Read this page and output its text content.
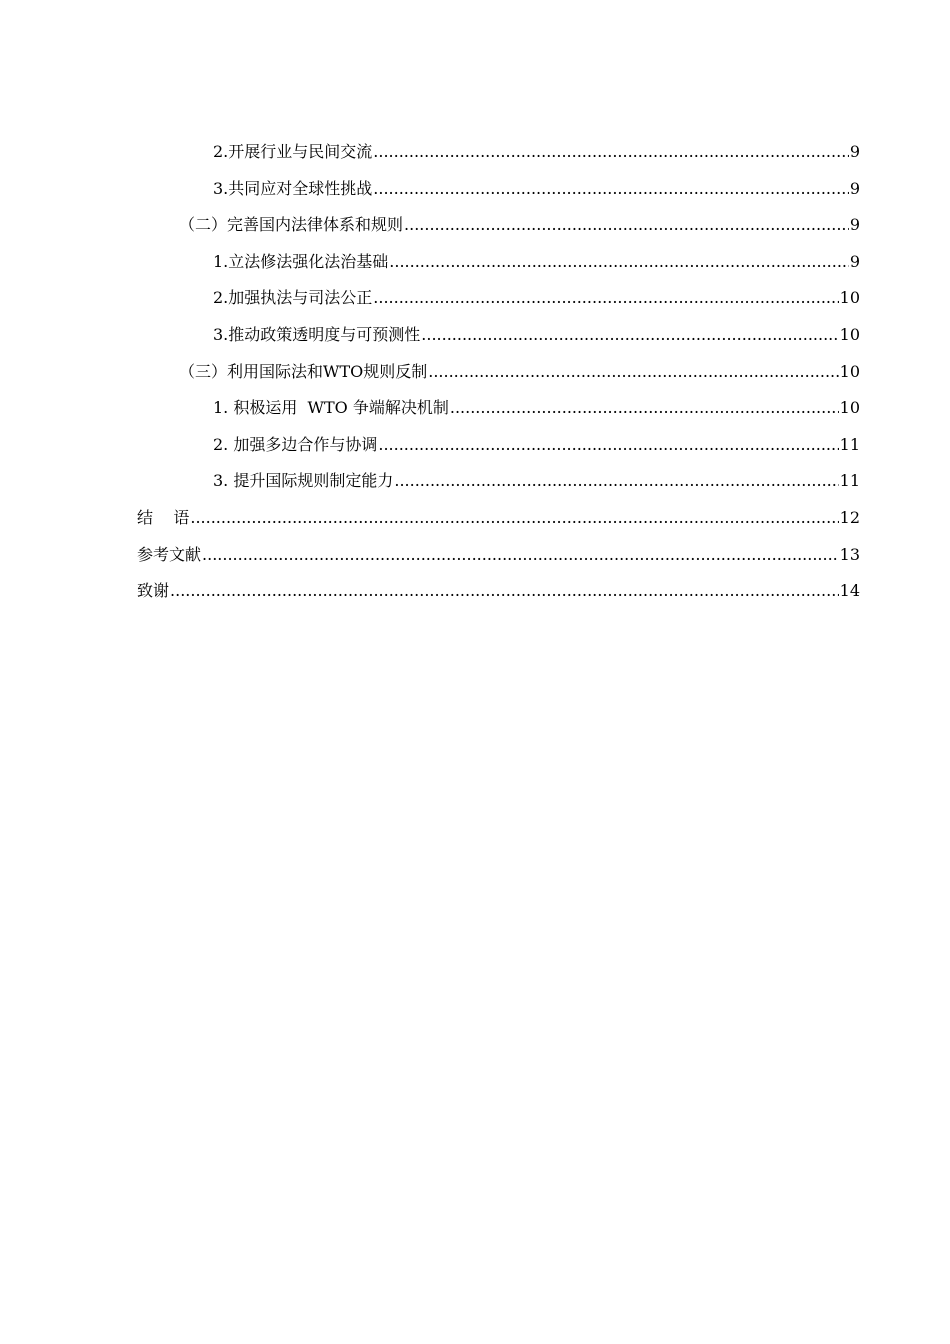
2.开展行业与民间交流 .....	9
3.共同应对全球性挑战 .....	9
（二）完善国内法律体系和规则 .....	9
1.立法修法强化法治基础 .....	9
2.加强执法与司法公正 .....	10
3.推动政策透明度与可预测性 .....	10
（三）利用国际法和WTO规则反制 .....	10
1. 积极运用  WTO 争端解决机制 .....	10
2. 加强多边合作与协调 .....	11
3. 提升国际规则制定能力 .....	11
结    语 .....	12
参考文献 .....	13
致谢 .....	14
